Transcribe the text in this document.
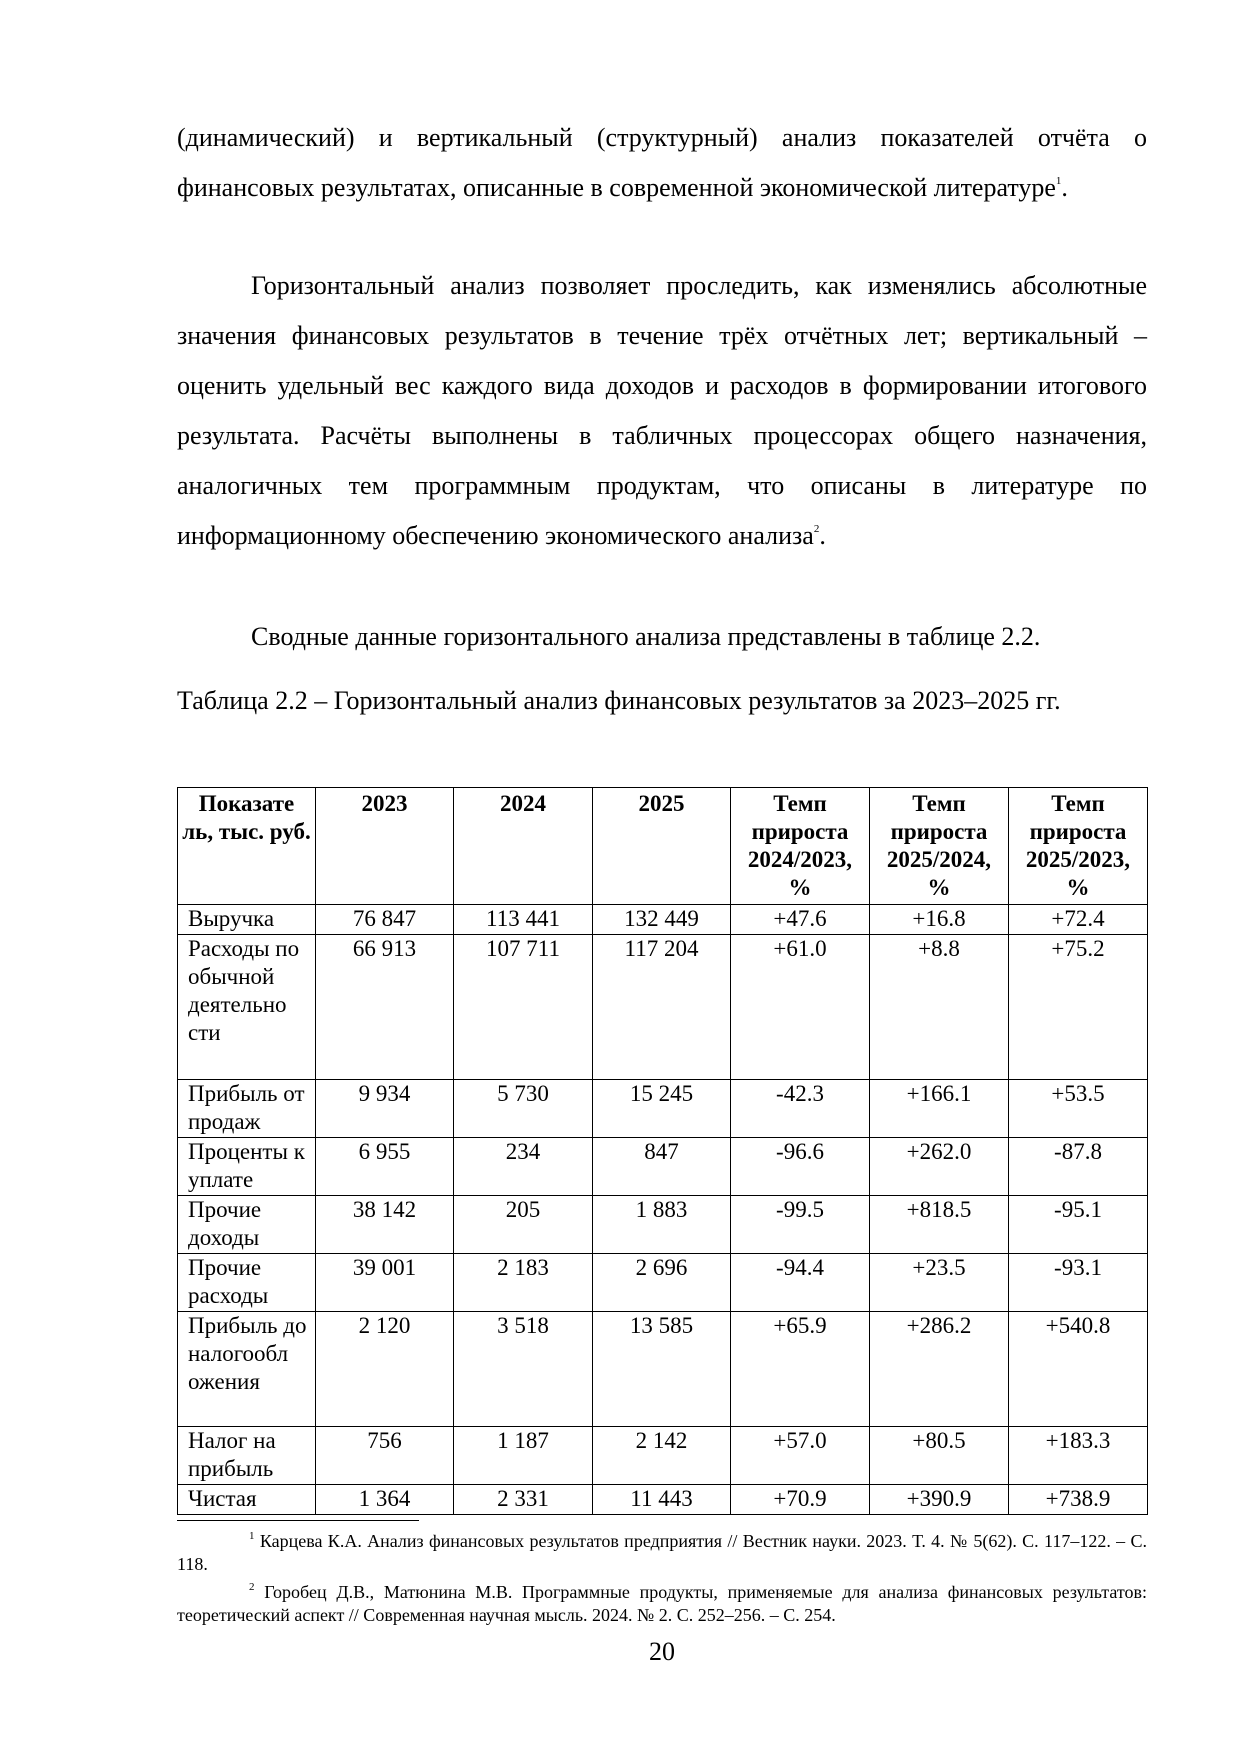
(динамический) и вертикальный (структурный) анализ показателей отчёта о финансовых результатах, описанные в современной экономической литературе$^1$.

Горизонтальный анализ позволяет проследить, как изменялись абсолютные значения финансовых результатов в течение трёх отчётных лет; вертикальный – оценить удельный вес каждого вида доходов и расходов в формировании итогового результата. Расчёты выполнены в табличных процессорах общего назначения, аналогичных тем программным продуктам, что описаны в литературе по информационному обеспечению экономического анализа$^2$.

Сводные данные горизонтального анализа представлены в таблице 2.2.

Таблица 2.2 – Горизонтальный анализ финансовых результатов за 2023–2025 гг.

Показате ль, тыс. руб.	2023	2024	2025	Темп прироста 2024/2023, %	Темп прироста 2025/2024, %	Темп прироста 2025/2023, %
Выручка	76 847	113 441	132 449	+47.6	+16.8	+72.4
Расходы по обычной деятельно сти	66 913	107 711	117 204	+61.0	+8.8	+75.2
Прибыль от продаж	9 934	5 730	15 245	-42.3	+166.1	+53.5
Проценты к уплате	6 955	234	847	-96.6	+262.0	-87.8
Прочие доходы	38 142	205	1 883	-99.5	+818.5	-95.1
Прочие расходы	39 001	2 183	2 696	-94.4	+23.5	-93.1
Прибыль до налогообл ожения	2 120	3 518	13 585	+65.9	+286.2	+540.8
Налог на прибыль	756	1 187	2 142	+57.0	+80.5	+183.3
Чистая	1 364	2 331	11 443	+70.9	+390.9	+738.9

$^1$ Карцева К.А. Анализ финансовых результатов предприятия // Вестник науки. 2023. Т. 4. № 5(62). С. 117–122. – С. 118.

$^2$ Горобец Д.В., Матюнина М.В. Программные продукты, применяемые для анализа финансовых результатов: теоретический аспект // Современная научная мысль. 2024. № 2. С. 252–256. – С. 254.

20
